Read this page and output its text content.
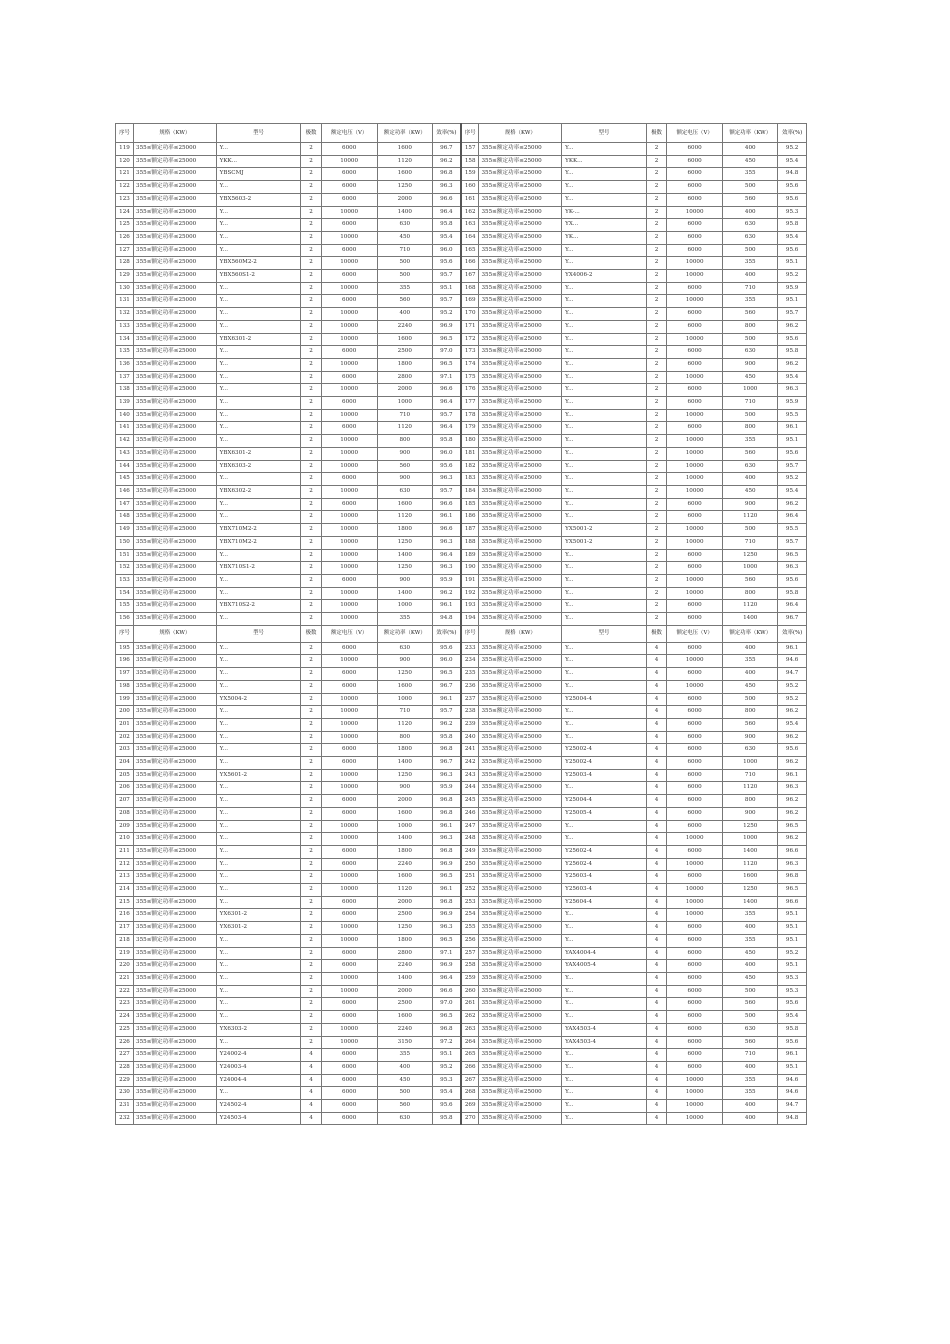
序号	规格（KW）	型号	极数	额定电压（V）	额定功率（KW）	效率(%)	序号	规格（KW）	型号	极数	额定电压（V）	额定功率（KW）	效率(%)
119	355≤额定功率≤25000	Y...	2	6000	1600	96.7	157	355≤额定功率≤25000	Y...	2	6000	400	95.2
120	355≤额定功率≤25000	YKK...	2	10000	1120	96.2	158	355≤额定功率≤25000	YKK...	2	6000	450	95.4
121	355≤额定功率≤25000	YBSCMJ	2	6000	1600	96.8	159	355≤额定功率≤25000	Y...	2	6000	355	94.8
122	355≤额定功率≤25000	Y...	2	6000	1250	96.3	160	355≤额定功率≤25000	Y...	2	6000	500	95.6
123	355≤额定功率≤25000	YBX5603-2	2	6000	2000	96.6	161	355≤额定功率≤25000	Y...	2	6000	560	95.6
124	355≤额定功率≤25000	Y...	2	10000	1400	96.4	162	355≤额定功率≤25000	YK-...	2	10000	400	95.3
125	355≤额定功率≤25000	Y...	2	6000	630	95.8	163	355≤额定功率≤25000	YX...	2	6000	630	95.8
126	355≤额定功率≤25000	Y...	2	10000	450	95.4	164	355≤额定功率≤25000	YK...	2	6000	630	95.4
127	355≤额定功率≤25000	Y...	2	6000	710	96.0	165	355≤额定功率≤25000	Y...	2	6000	500	95.6
128	355≤额定功率≤25000	YBX560M2-2	2	10000	500	95.6	166	355≤额定功率≤25000	Y...	2	10000	355	95.1
129	355≤额定功率≤25000	YBX560S1-2	2	6000	500	95.7	167	355≤额定功率≤25000	YX4006-2	2	10000	400	95.2
130	355≤额定功率≤25000	Y...	2	10000	355	95.1	168	355≤额定功率≤25000	Y...	2	6000	710	95.9
131	355≤额定功率≤25000	Y...	2	6000	560	95.7	169	355≤额定功率≤25000	Y...	2	10000	355	95.1
132	355≤额定功率≤25000	Y...	2	10000	400	95.2	170	355≤额定功率≤25000	Y...	2	6000	560	95.7
133	355≤额定功率≤25000	Y...	2	10000	2240	96.9	171	355≤额定功率≤25000	Y...	2	6000	800	96.2
134	355≤额定功率≤25000	YBX6301-2	2	10000	1600	96.5	172	355≤额定功率≤25000	Y...	2	10000	500	95.6
135	355≤额定功率≤25000	Y...	2	6000	2500	97.0	173	355≤额定功率≤25000	Y...	2	6000	630	95.8
136	355≤额定功率≤25000	Y...	2	10000	1800	96.5	174	355≤额定功率≤25000	Y...	2	6000	900	96.2
137	355≤额定功率≤25000	Y...	2	6000	2800	97.1	175	355≤额定功率≤25000	Y...	2	10000	450	95.4
138	355≤额定功率≤25000	Y...	2	10000	2000	96.6	176	355≤额定功率≤25000	Y...	2	6000	1000	96.3
139	355≤额定功率≤25000	Y...	2	6000	1000	96.4	177	355≤额定功率≤25000	Y...	2	6000	710	95.9
140	355≤额定功率≤25000	Y...	2	10000	710	95.7	178	355≤额定功率≤25000	Y...	2	10000	500	95.5
141	355≤额定功率≤25000	Y...	2	6000	1120	96.4	179	355≤额定功率≤25000	Y...	2	6000	800	96.1
142	355≤额定功率≤25000	Y...	2	10000	800	95.8	180	355≤额定功率≤25000	Y...	2	10000	355	95.1
143	355≤额定功率≤25000	YBX6301-2	2	10000	900	96.0	181	355≤额定功率≤25000	Y...	2	10000	560	95.6
144	355≤额定功率≤25000	YBX6303-2	2	10000	560	95.6	182	355≤额定功率≤25000	Y...	2	10000	630	95.7
145	355≤额定功率≤25000	Y...	2	6000	900	96.3	183	355≤额定功率≤25000	Y...	2	10000	400	95.2
146	355≤额定功率≤25000	YBX6302-2	2	10000	630	95.7	184	355≤额定功率≤25000	Y...	2	10000	450	95.4
147	355≤额定功率≤25000	Y...	2	6000	1600	96.6	185	355≤额定功率≤25000	Y...	2	6000	900	96.2
148	355≤额定功率≤25000	Y...	2	10000	1120	96.1	186	355≤额定功率≤25000	Y...	2	6000	1120	96.4
149	355≤额定功率≤25000	YBX710M2-2	2	10000	1800	96.6	187	355≤额定功率≤25000	YX5001-2	2	10000	500	95.5
150	355≤额定功率≤25000	YBX710M2-2	2	10000	1250	96.3	188	355≤额定功率≤25000	YX5001-2	2	10000	710	95.7
151	355≤额定功率≤25000	Y...	2	10000	1400	96.4	189	355≤额定功率≤25000	Y...	2	6000	1250	96.5
152	355≤额定功率≤25000	YBX710S1-2	2	10000	1250	96.3	190	355≤额定功率≤25000	Y...	2	6000	1000	96.3
153	355≤额定功率≤25000	Y...	2	6000	900	95.9	191	355≤额定功率≤25000	Y...	2	10000	560	95.6
154	355≤额定功率≤25000	Y...	2	10000	1400	96.2	192	355≤额定功率≤25000	Y...	2	10000	800	95.8
155	355≤额定功率≤25000	YBX710S2-2	2	10000	1000	96.1	193	355≤额定功率≤25000	Y...	2	6000	1120	96.4
156	355≤额定功率≤25000	Y...	2	10000	355	94.8	194	355≤额定功率≤25000	Y...	2	6000	1400	96.7
序号	规格（KW）	型号	极数	额定电压（V）	额定功率（KW）	效率(%)	序号	规格（KW）	型号	极数	额定电压（V）	额定功率（KW）	效率(%)
195	355≤额定功率≤25000	Y...	2	6000	630	95.6	233	355≤额定功率≤25000	Y...	4	6000	400	96.1
196	355≤额定功率≤25000	Y...	2	10000	900	96.0	234	355≤额定功率≤25000	Y...	4	10000	355	94.6
197	355≤额定功率≤25000	Y...	2	6000	1250	96.5	235	355≤额定功率≤25000	Y...	4	6000	400	94.7
198	355≤额定功率≤25000	Y...	2	6000	1600	96.7	236	355≤额定功率≤25000	Y...	4	10000	450	95.2
199	355≤额定功率≤25000	YX5004-2	2	10000	1000	96.1	237	355≤额定功率≤25000	Y25004-4	4	6000	500	95.2
200	355≤额定功率≤25000	Y...	2	10000	710	95.7	238	355≤额定功率≤25000	Y...	4	6000	800	96.2
201	355≤额定功率≤25000	Y...	2	10000	1120	96.2	239	355≤额定功率≤25000	Y...	4	6000	560	95.4
202	355≤额定功率≤25000	Y...	2	10000	800	95.8	240	355≤额定功率≤25000	Y...	4	6000	900	96.2
203	355≤额定功率≤25000	Y...	2	6000	1800	96.8	241	355≤额定功率≤25000	Y25002-4	4	6000	630	95.6
204	355≤额定功率≤25000	Y...	2	6000	1400	96.7	242	355≤额定功率≤25000	Y25002-4	4	6000	1000	96.2
205	355≤额定功率≤25000	YX5601-2	2	10000	1250	96.3	243	355≤额定功率≤25000	Y25003-4	4	6000	710	96.1
206	355≤额定功率≤25000	Y...	2	10000	900	95.9	244	355≤额定功率≤25000	Y...	4	6000	1120	96.3
207	355≤额定功率≤25000	Y...	2	6000	2000	96.8	245	355≤额定功率≤25000	Y25004-4	4	6000	800	96.2
208	355≤额定功率≤25000	Y...	2	6000	1600	96.8	246	355≤额定功率≤25000	Y25005-4	4	6000	900	96.2
209	355≤额定功率≤25000	Y...	2	10000	1000	96.1	247	355≤额定功率≤25000	Y...	4	6000	1250	96.5
210	355≤额定功率≤25000	Y...	2	10000	1400	96.3	248	355≤额定功率≤25000	Y...	4	10000	1000	96.2
211	355≤额定功率≤25000	Y...	2	6000	1800	96.8	249	355≤额定功率≤25000	Y25602-4	4	6000	1400	96.6
212	355≤额定功率≤25000	Y...	2	6000	2240	96.9	250	355≤额定功率≤25000	Y25602-4	4	10000	1120	96.3
213	355≤额定功率≤25000	Y...	2	10000	1600	96.5	251	355≤额定功率≤25000	Y25603-4	4	6000	1600	96.8
214	355≤额定功率≤25000	Y...	2	10000	1120	96.1	252	355≤额定功率≤25000	Y25603-4	4	10000	1250	96.5
215	355≤额定功率≤25000	Y...	2	6000	2000	96.8	253	355≤额定功率≤25000	Y25604-4	4	10000	1400	96.6
216	355≤额定功率≤25000	YX6301-2	2	6000	2500	96.9	254	355≤额定功率≤25000	Y...	4	10000	355	95.1
217	355≤额定功率≤25000	YX6301-2	2	10000	1250	96.3	255	355≤额定功率≤25000	Y...	4	6000	400	95.1
218	355≤额定功率≤25000	Y...	2	10000	1800	96.5	256	355≤额定功率≤25000	Y...	4	6000	355	95.1
219	355≤额定功率≤25000	Y...	2	6000	2800	97.1	257	355≤额定功率≤25000	YAX4004-4	4	6000	450	95.2
220	355≤额定功率≤25000	Y...	2	6000	2240	96.9	258	355≤额定功率≤25000	YAX4005-4	4	6000	400	95.1
221	355≤额定功率≤25000	Y...	2	10000	1400	96.4	259	355≤额定功率≤25000	Y...	4	6000	450	95.3
222	355≤额定功率≤25000	Y...	2	10000	2000	96.6	260	355≤额定功率≤25000	Y...	4	6000	500	95.3
223	355≤额定功率≤25000	Y...	2	6000	2500	97.0	261	355≤额定功率≤25000	Y...	4	6000	560	95.6
224	355≤额定功率≤25000	Y...	2	6000	1600	96.5	262	355≤额定功率≤25000	Y...	4	6000	500	95.4
225	355≤额定功率≤25000	YX6303-2	2	10000	2240	96.8	263	355≤额定功率≤25000	YAX4503-4	4	6000	630	95.8
226	355≤额定功率≤25000	Y...	2	10000	3150	97.2	264	355≤额定功率≤25000	YAX4503-4	4	6000	560	95.6
227	355≤额定功率≤25000	Y24002-4	4	6000	355	95.1	265	355≤额定功率≤25000	Y...	4	6000	710	96.1
228	355≤额定功率≤25000	Y24003-4	4	6000	400	95.2	266	355≤额定功率≤25000	Y...	4	6000	400	95.1
229	355≤额定功率≤25000	Y24004-4	4	6000	450	95.3	267	355≤额定功率≤25000	Y...	4	10000	355	94.6
230	355≤额定功率≤25000	Y...	4	6000	500	95.4	268	355≤额定功率≤25000	Y...	4	10000	355	94.6
231	355≤额定功率≤25000	Y24502-4	4	6000	560	95.6	269	355≤额定功率≤25000	Y...	4	10000	400	94.7
232	355≤额定功率≤25000	Y24503-4	4	6000	630	95.8	270	355≤额定功率≤25000	Y...	4	10000	400	94.8
